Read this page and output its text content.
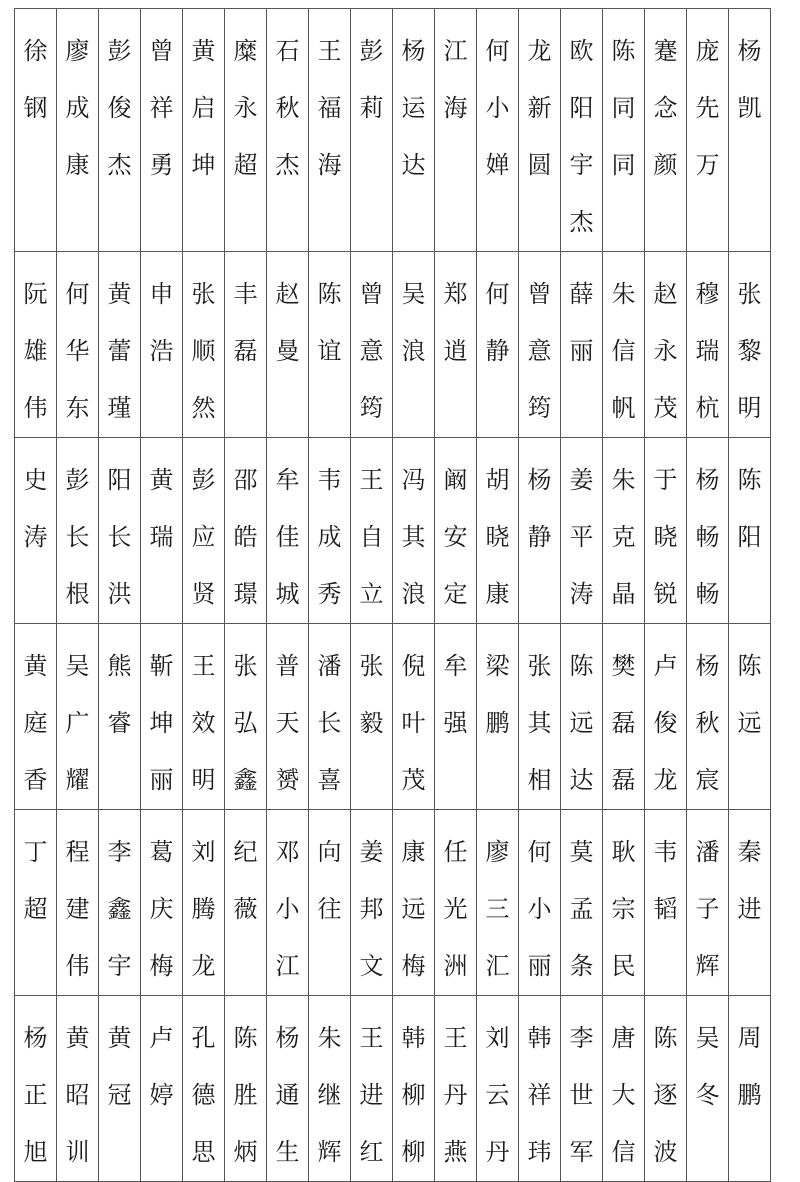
徐
钢	廖
成
康	彭
俊
杰	曾
祥
勇	黄
启
坤	糜
永
超	石
秋
杰	王
福
海	彭
莉	杨
运
达	江
海	何
小
婵	龙
新
圆	欧
阳
宇
杰	陈
同
同	蹇
念
颜	庞
先
万	杨
凯

阮
雄
伟	何
华
东	黄
蕾
瑾	申
浩	张
顺
然	丰
磊	赵
曼	陈
谊	曾
意
筠	吴
浪	郑
逍	何
静	曾
意
筠	薛
丽	朱
信
帆	赵
永
茂	穆
瑞
杭	张
黎
明

史
涛	彭
长
根	阳
长
洪	黄
瑞	彭
应
贤	邵
皓
璟	牟
佳
城	韦
成
秀	王
自
立	冯
其
浪	阚
安
定	胡
晓
康	杨
静	姜
平
涛	朱
克
晶	于
晓
锐	杨
畅
畅	陈
阳

黄
庭
香	吴
广
耀	熊
睿	靳
坤
丽	王
效
明	张
弘
鑫	普
天
赟	潘
长
喜	张
毅	倪
叶
茂	牟
强	梁
鹏	张
其
相	陈
远
达	樊
磊
磊	卢
俊
龙	杨
秋
宸	陈
远

丁
超	程
建
伟	李
鑫
宇	葛
庆
梅	刘
腾
龙	纪
薇	邓
小
江	向
往	姜
邦
文	康
远
梅	任
光
洲	廖
三
汇	何
小
丽	莫
孟
条	耿
宗
民	韦
韬	潘
子
辉	秦
进

杨
正
旭	黄
昭
训	黄
冠	卢
婷	孔
德
思	陈
胜
炳	杨
通
生	朱
继
辉	王
进
红	韩
柳
柳	王
丹
燕	刘
云
丹	韩
祥
玮	李
世
军	唐
大
信	陈
逐
波	吴
冬	周
鹏
